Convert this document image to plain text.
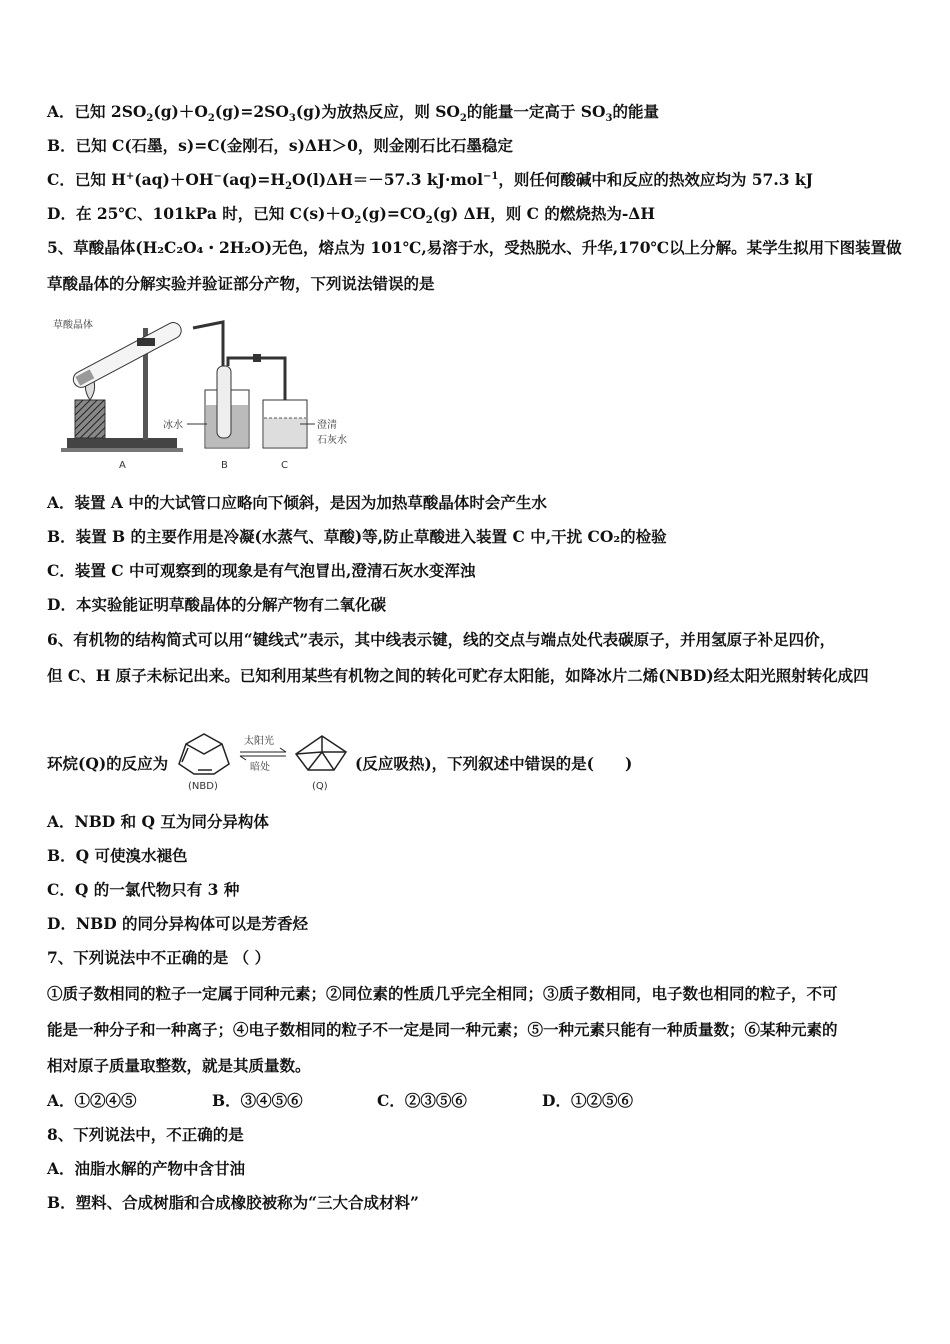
A．已知 $2SO_2(g)+O_2(g)=2SO_3(g)$为放热反应，则 $SO_2$的能量一定高于 $SO_3$的能量
B．已知 C(石墨，s)=C(金刚石，s)ΔH＞0，则金刚石比石墨稳定
C．已知 $H^+(aq)+OH^-(aq)=H_2O(l)\Delta H=-57.3$ kJ·mol$^{-1}$，则任何酸碱中和反应的热效应均为 57.3 kJ
D．在 25℃、101kPa 时，已知 $C(s)+O_2(g)=CO_2(g)$ ΔH，则 C 的燃烧热为-ΔH
5、草酸晶体(H₂C₂O₄・2H₂O)无色，熔点为 101℃,易溶于水，受热脱水、升华,170℃以上分解。某学生拟用下图装置做
草酸晶体的分解实验并验证部分产物，下列说法错误的是
草酸晶体
冰水	澄清
石灰水
A	B	C
A．装置 A 中的大试管口应略向下倾斜，是因为加热草酸晶体时会产生水
B．装置 B 的主要作用是冷凝(水蒸气、草酸)等,防止草酸进入装置 C 中,干扰 CO₂的检验
C．装置 C 中可观察到的现象是有气泡冒出,澄清石灰水变浑浊
D．本实验能证明草酸晶体的分解产物有二氧化碳
6、有机物的结构简式可以用“键线式”表示，其中线表示键，线的交点与端点处代表碳原子，并用氢原子补足四价，
但 C、H 原子未标记出来。已知利用某些有机物之间的转化可贮存太阳能，如降冰片二烯(NBD)经太阳光照射转化成四
环烷(Q)的反应为
(NBD)
太阳光
暗处
(Q)
(反应吸热)，下列叙述中错误的是(　　)
A．NBD 和 Q 互为同分异构体
B．Q 可使溴水褪色
C．Q 的一氯代物只有 3 种
D．NBD 的同分异构体可以是芳香烃
7、下列说法中不正确的是 （ ）
①质子数相同的粒子一定属于同种元素；②同位素的性质几乎完全相同；③质子数相同，电子数也相同的粒子，不可
能是一种分子和一种离子；④电子数相同的粒子不一定是同一种元素；⑤一种元素只能有一种质量数；⑥某种元素的
相对原子质量取整数，就是其质量数。
A．①②④⑤	B．③④⑤⑥	C．②③⑤⑥	D．①②⑤⑥
8、下列说法中，不正确的是
A．油脂水解的产物中含甘油
B．塑料、合成树脂和合成橡胶被称为“三大合成材料”
